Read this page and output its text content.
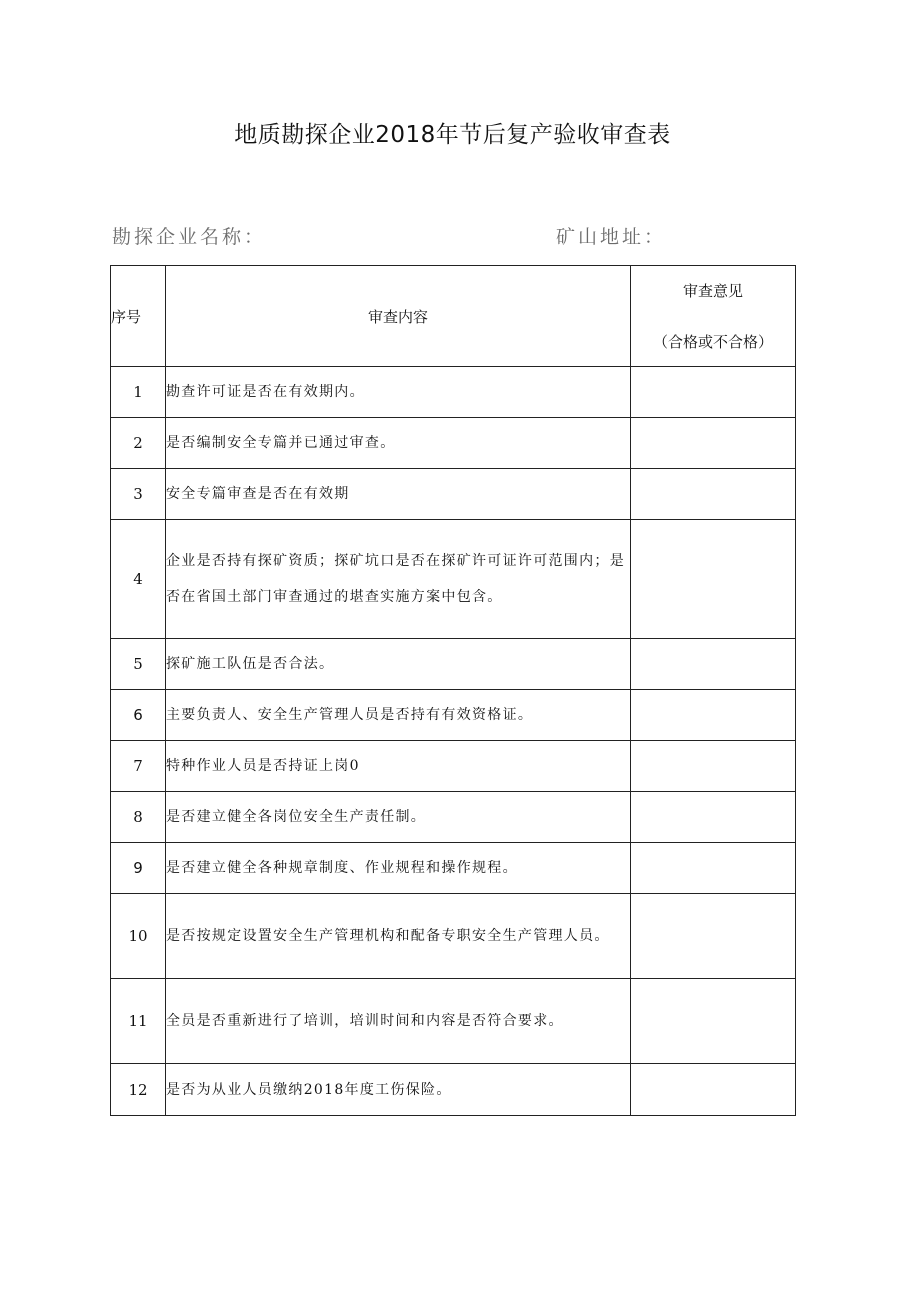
地质勘探企业2018年节后复产验收审查表
勘探企业名称：	矿山地址：
序号	审查内容	审查意见
（合格或不合格）

1	勘查许可证是否在有效期内。	
2	是否编制安全专篇并已通过审查。	
3	安全专篇审查是否在有效期	
4	企业是否持有探矿资质；探矿坑口是否在探矿许可证许可范围内；是否在省国土部门审查通过的堪查实施方案中包含。	
5	探矿施工队伍是否合法。	
6	主要负责人、安全生产管理人员是否持有有效资格证。	
7	特种作业人员是否持证上岗0	
8	是否建立健全各岗位安全生产责任制。	
9	是否建立健全各种规章制度、作业规程和操作规程。	
10	是否按规定设置安全生产管理机构和配备专职安全生产管理人员。	
11	全员是否重新进行了培训，培训时间和内容是否符合要求。	
12	是否为从业人员缴纳2018年度工伤保险。	
